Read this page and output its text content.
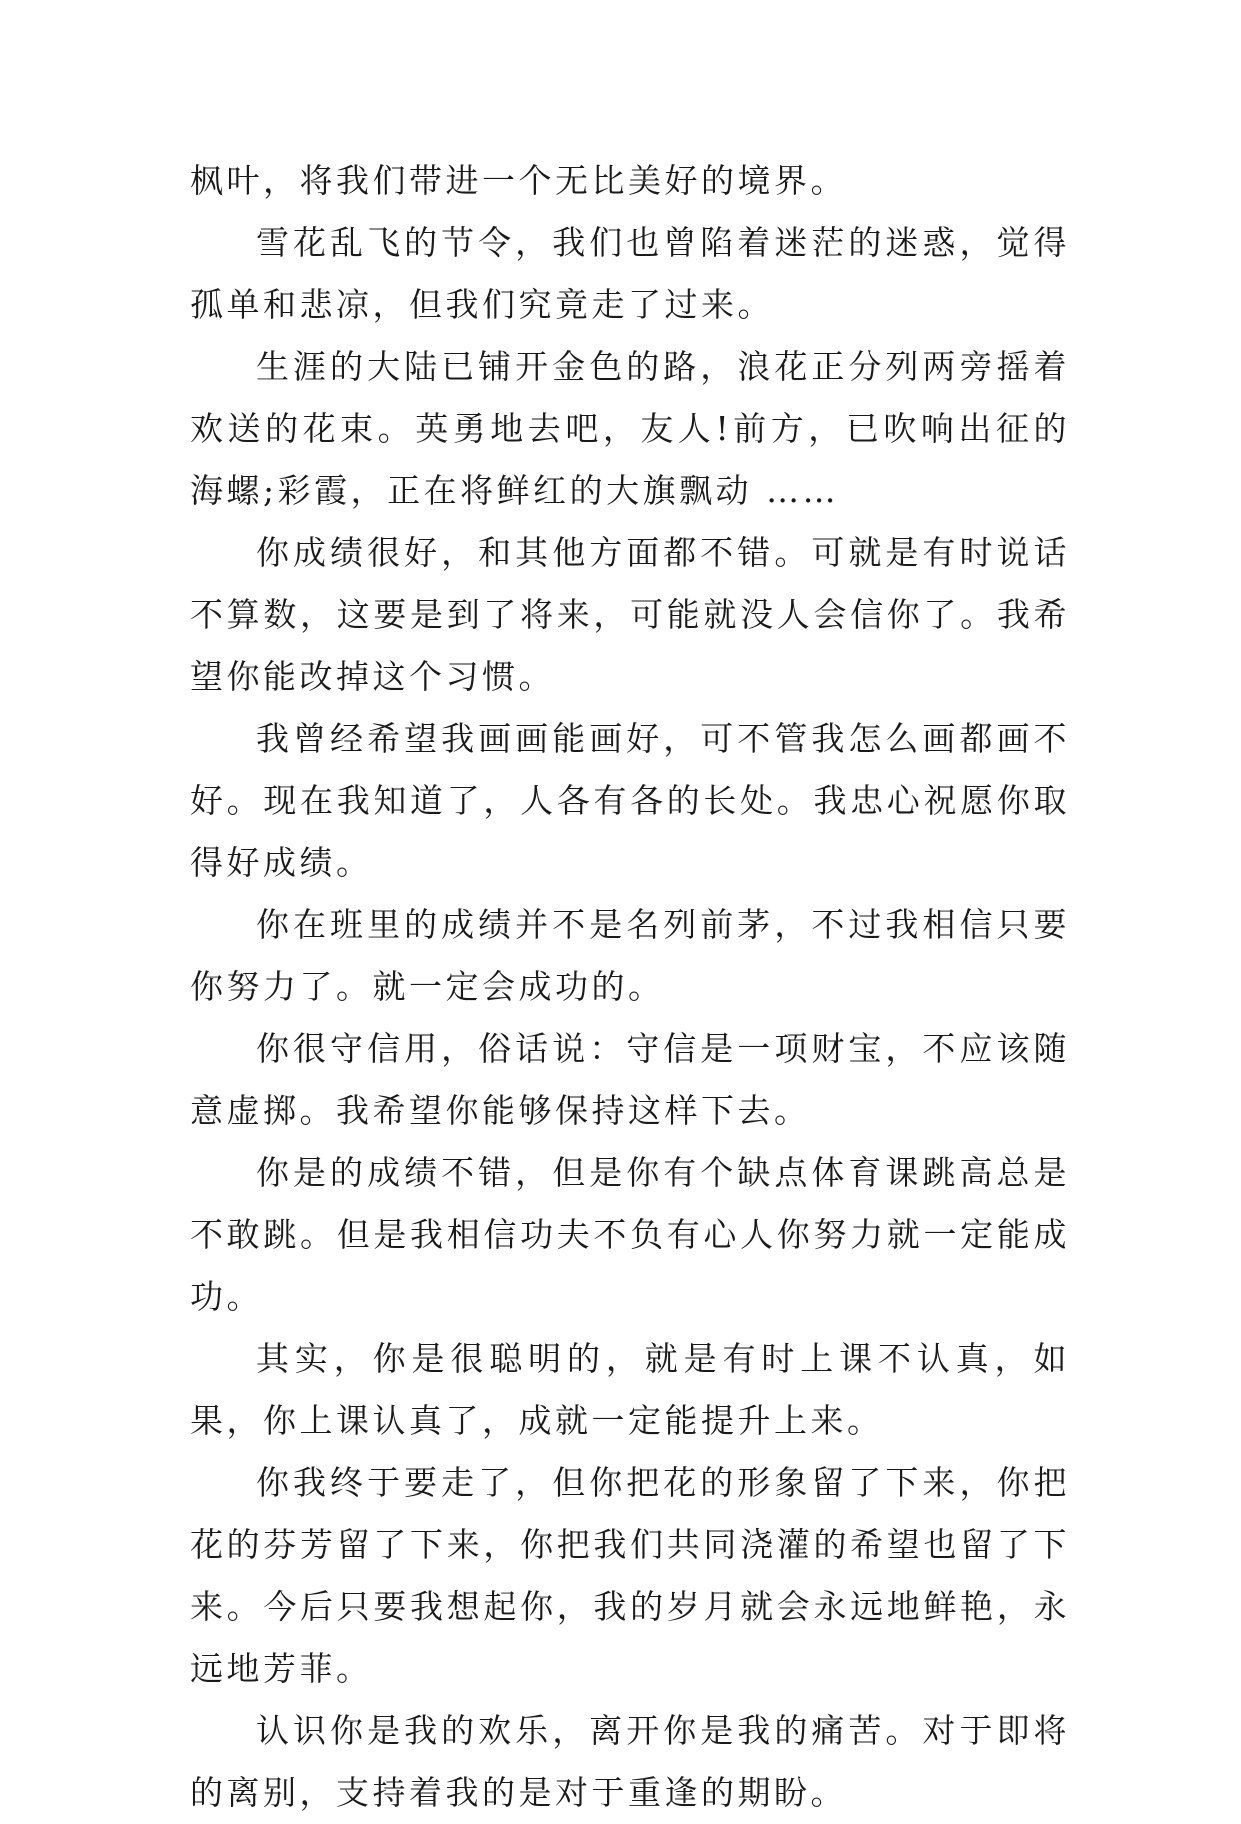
枫叶，将我们带进一个无比美好的境界。

雪花乱飞的节令，我们也曾陷着迷茫的迷惑，觉得孤单和悲凉，但我们究竟走了过来。

生涯的大陆已铺开金色的路，浪花正分列两旁摇着欢送的花束。英勇地去吧，友人!前方，已吹响出征的海螺;彩霞，正在将鲜红的大旗飘动 ……

你成绩很好，和其他方面都不错。可就是有时说话不算数，这要是到了将来，可能就没人会信你了。我希望你能改掉这个习惯。

我曾经希望我画画能画好，可不管我怎么画都画不好。现在我知道了，人各有各的长处。我忠心祝愿你取得好成绩。

你在班里的成绩并不是名列前茅，不过我相信只要你努力了。就一定会成功的。

你很守信用，俗话说：守信是一项财宝，不应该随意虚掷。我希望你能够保持这样下去。

你是的成绩不错，但是你有个缺点体育课跳高总是不敢跳。但是我相信功夫不负有心人你努力就一定能成功。

其实，你是很聪明的，就是有时上课不认真，如果，你上课认真了，成就一定能提升上来。

你我终于要走了，但你把花的形象留了下来，你把花的芬芳留了下来，你把我们共同浇灌的希望也留了下来。今后只要我想起你，我的岁月就会永远地鲜艳，永远地芳菲。

认识你是我的欢乐，离开你是我的痛苦。对于即将的离别，支持着我的是对于重逢的期盼。
